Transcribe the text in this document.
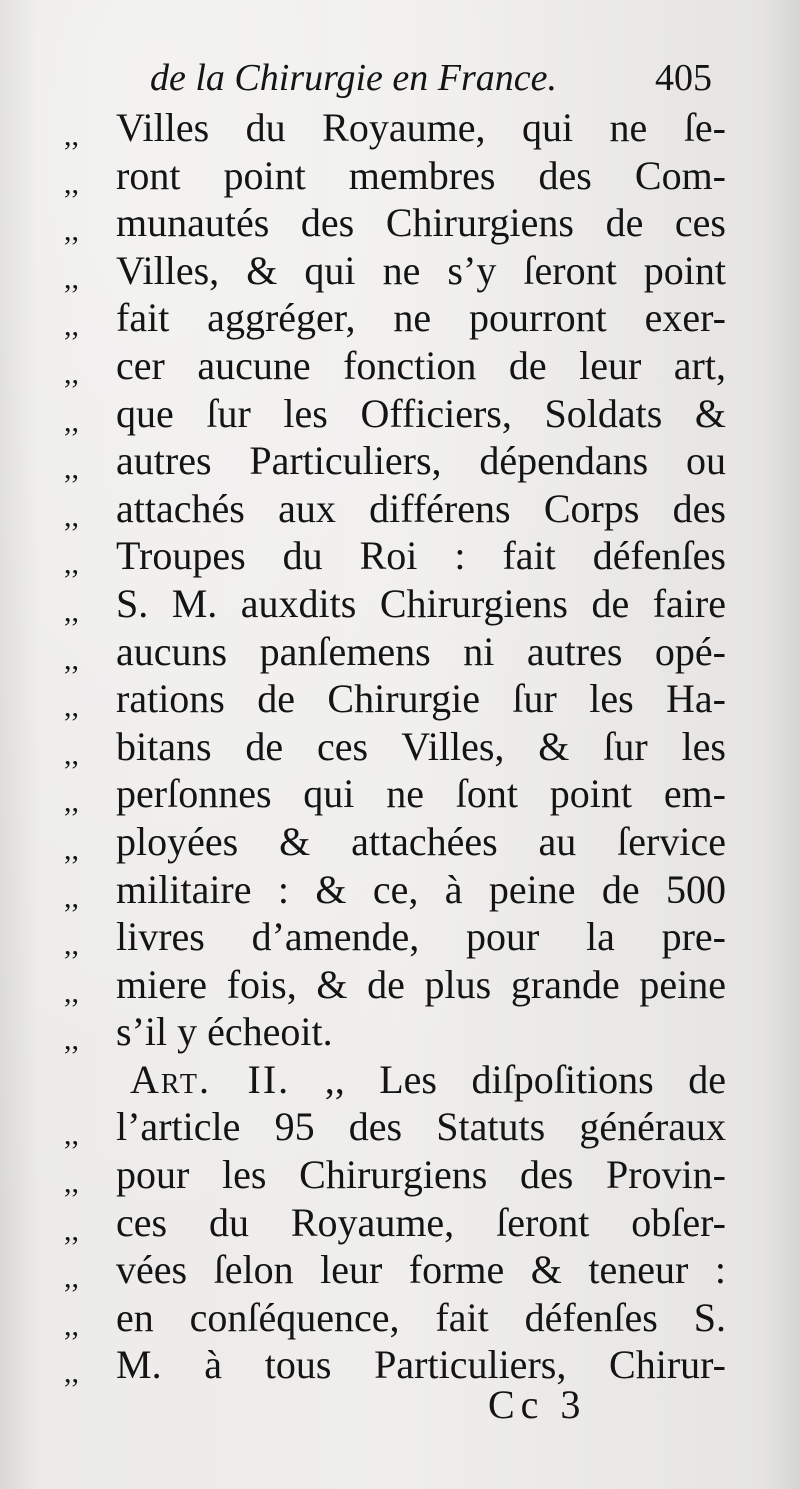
de la Chirurgie en France.	405
,, Villes du Royaume, qui ne ſe-
,, ront point membres des Com-
,, munautés des Chirurgiens de ces
,, Villes, & qui ne s’y ſeront point
,, fait aggréger, ne pourront exer-
,, cer aucune fonction de leur art,
,, que ſur les Officiers, Soldats &
,, autres Particuliers, dépendans ou
,, attachés aux différens Corps des
,, Troupes du Roi : fait défenſes
,, S. M. auxdits Chirurgiens de faire
,, aucuns panſemens ni autres opé-
,, rations de Chirurgie ſur les Ha-
,, bitans de ces Villes, & ſur les
,, perſonnes qui ne ſont point em-
,, ployées & attachées au ſervice
,, militaire : & ce, à peine de 500
,, livres d’amende, pour la pre-
,, miere fois, & de plus grande peine
,, s’il y écheoit.
Art. II. ,, Les diſpoſitions de
,, l’article 95 des Statuts généraux
,, pour les Chirurgiens des Provin-
,, ces du Royaume, ſeront obſer-
,, vées ſelon leur forme & teneur :
,, en conſéquence, fait défenſes S.
,, M. à tous Particuliers, Chirur-
Cc 3
